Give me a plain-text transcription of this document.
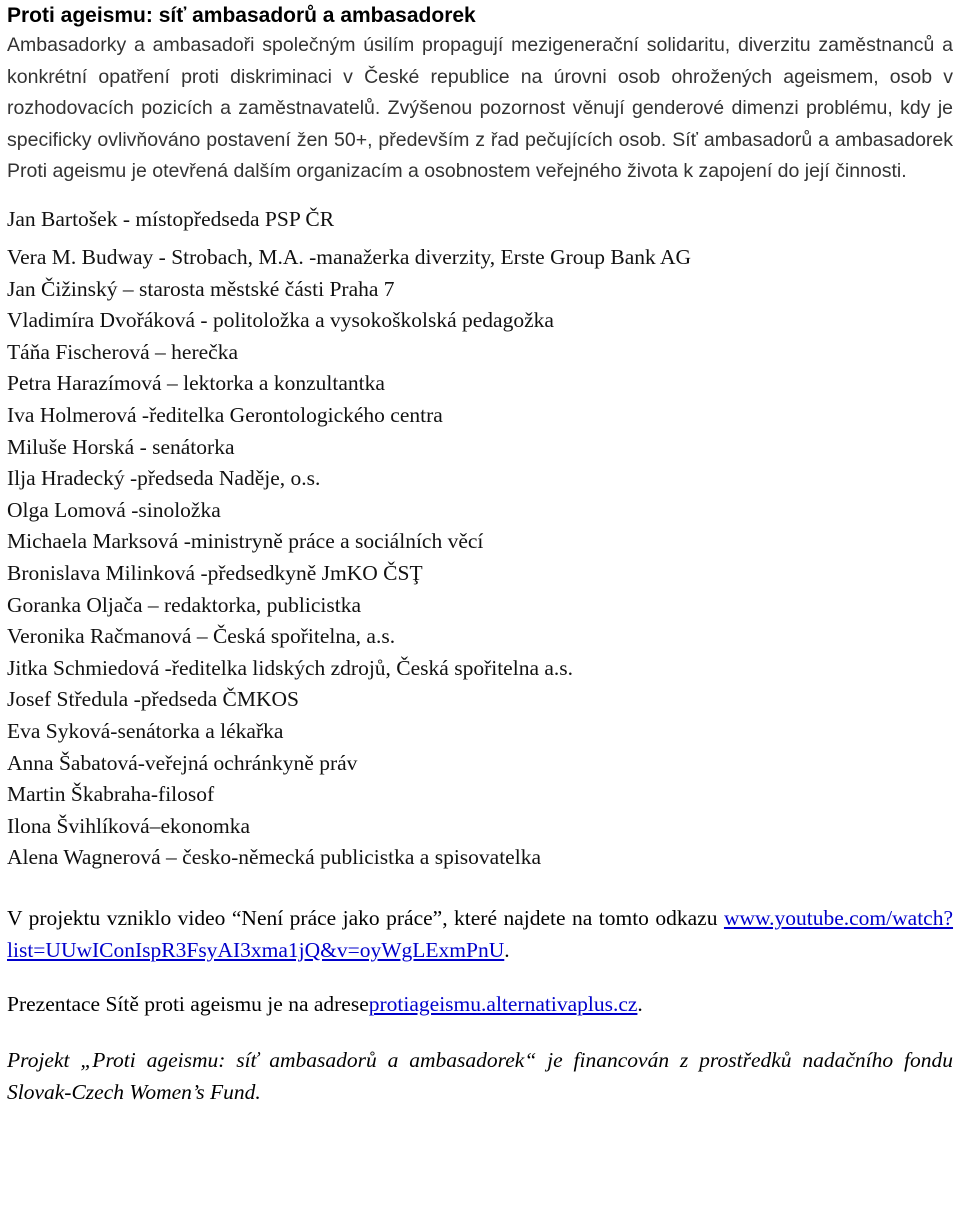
Proti ageismu: síť ambasadorů a ambasadorek

Ambasadorky a ambasadoři společným úsilím propagují mezigenerační solidaritu, diverzitu zaměstnanců a konkrétní opatření proti diskriminaci v České republice na úrovni osob ohrožených ageismem, osob v rozhodovacích pozicích a zaměstnavatelů. Zvýšenou pozornost věnují genderové dimenzi problému, kdy je specificky ovlivňováno postavení žen 50+, především z řad pečujících osob. Síť ambasadorů a ambasadorek Proti ageismu je otevřená dalším organizacím a osobnostem veřejného života k zapojení do její činnosti.

Jan Bartošek - místopředseda PSP ČR
Vera M. Budway - Strobach, M.A. -manažerka diverzity, Erste Group Bank AG
Jan Čižinský – starosta městské části Praha 7
Vladimíra Dvořáková - politoložka a vysokoškolská pedagožka
Táňa Fischerová – herečka
Petra Harazímová – lektorka a konzultantka
Iva Holmerová -ředitelka Gerontologického centra
Miluše Horská - senátorka
Ilja Hradecký -předseda Naděje, o.s.
Olga Lomová -sinoložka
Michaela Marksová -ministryně práce a sociálních věcí
Bronislava Milinková -předsedkyně JmKO ČSŢ
Goranka Oljača – redaktorka, publicistka
Veronika Račmanová – Česká spořitelna, a.s.
Jitka Schmiedová -ředitelka lidských zdrojů, Česká spořitelna a.s.
Josef Středula -předseda ČMKOS
Eva Syková-senátorka a lékařka
Anna Šabatová-veřejná ochránkyně práv
Martin Škabraha-filosof
Ilona Švihlíková–ekonomka
Alena Wagnerová – česko-německá publicistka a spisovatelka

V projektu vzniklo video “Není práce jako práce”, které najdete na tomto odkazu www.youtube.com/watch?list=UUwIConIspR3FsyAI3xma1jQ&v=oyWgLExmPnU.

Prezentace Sítě proti ageismu je na adreseprotiageismu.alternativaplus.cz.

Projekt „Proti ageismu: síť ambasadorů a ambasadorek“ je financován z prostředků nadačního fondu Slovak-Czech Women’s Fund.
